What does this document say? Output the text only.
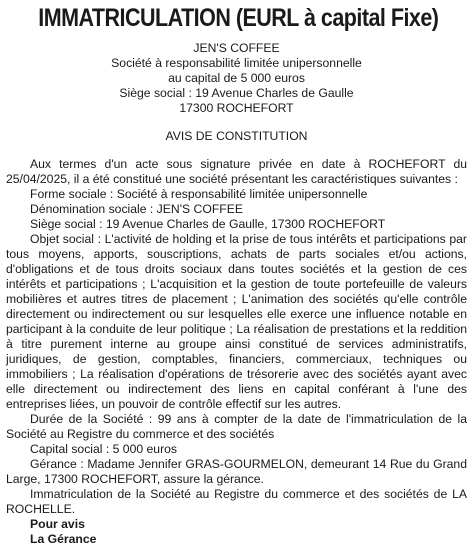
IMMATRICULATION (EURL à capital Fixe)
JEN'S COFFEE
Société à responsabilité limitée unipersonnelle
au capital de 5 000 euros
Siège social : 19 Avenue Charles de Gaulle
17300 ROCHEFORT
AVIS DE CONSTITUTION

Aux termes d'un acte sous signature privée en date à ROCHEFORT du 25/04/2025, il a été constitué une société présentant les caractéristiques suivantes :

Forme sociale : Société à responsabilité limitée unipersonnelle

Dénomination sociale : JEN'S COFFEE

Siège social : 19 Avenue Charles de Gaulle, 17300 ROCHEFORT

Objet social : L'activité de holding et la prise de tous intérêts et participations par tous moyens, apports, souscriptions, achats de parts sociales et/ou actions, d'obligations et de tous droits sociaux dans toutes sociétés et la gestion de ces intérêts et participations ; L'acquisition et la gestion de toute portefeuille de valeurs mobilières et autres titres de placement ; L'animation des sociétés qu'elle contrôle directement ou indirectement ou sur lesquelles elle exerce une influence notable en participant à la conduite de leur politique ; La réalisation de prestations et la reddition à titre purement interne au groupe ainsi constitué de services administratifs, juridiques, de gestion, comptables, financiers, commerciaux, techniques ou immobiliers ; La réalisation d'opérations de trésorerie avec des sociétés ayant avec elle directement ou indirectement des liens en capital conférant à l'une des entreprises liées, un pouvoir de contrôle effectif sur les autres.

Durée de la Société : 99 ans à compter de la date de l'immatriculation de la Société au Registre du commerce et des sociétés

Capital social : 5 000 euros

Gérance : Madame Jennifer GRAS-GOURMELON, demeurant 14 Rue du Grand Large, 17300 ROCHEFORT, assure la gérance.

Immatriculation de la Société au Registre du commerce et des sociétés de LA ROCHELLE.

Pour avis

La Gérance
